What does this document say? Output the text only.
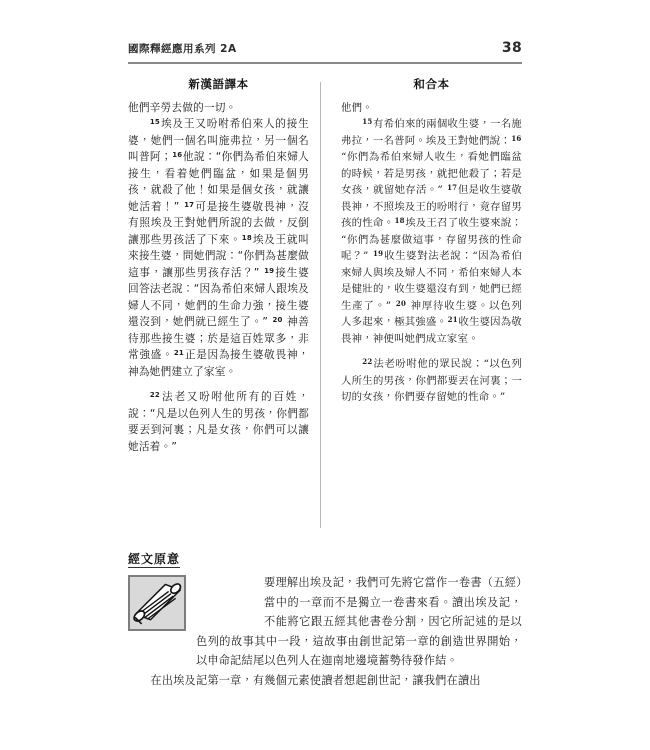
國際釋經應用系列 2A	38
新漢語譯本

他們辛勞去做的一切。

$^{15}$埃及王又吩咐希伯來人的接生婆，她們一個名叫施弗拉，另一個名叫普阿；$^{16}$他說：“你們為希伯來婦人接生，看着她們臨盆，如果是個男孩，就殺了他！如果是個女孩，就讓她活着！” $^{17}$可是接生婆敬畏神，沒有照埃及王對她們所說的去做，反倒讓那些男孩活了下來。$^{18}$埃及王就叫來接生婆，問她們說：“你們為甚麼做這事，讓那些男孩存活？” $^{19}$接生婆回答法老說：“因為希伯來婦人跟埃及婦人不同，她們的生命力強，接生婆還沒到，她們就已經生了。” $^{20}$ 神善待那些接生婆；於是這百姓眾多，非常強盛。$^{21}$正是因為接生婆敬畏神，神為她們建立了家室。

$^{22}$法老又吩咐他所有的百姓，說：“凡是以色列人生的男孩，你們都要丟到河裏；凡是女孩，你們可以讓她活着。”

和合本

他們。

$^{15}$有希伯來的兩個收生婆，一名施弗拉，一名普阿。埃及王對她們說：$^{16}$ “你們為希伯來婦人收生，看她們臨盆的時候，若是男孩，就把他殺了；若是女孩，就留她存活。” $^{17}$但是收生婆敬畏神，不照埃及王的吩咐行，竟存留男孩的性命。$^{18}$埃及王召了收生婆來說：“你們為甚麼做這事，存留男孩的性命呢？” $^{19}$收生婆對法老說：“因為希伯來婦人與埃及婦人不同，希伯來婦人本是健壯的，收生婆還沒有到，她們已經生產了。” $^{20}$ 神厚待收生婆。以色列人多起來，極其強盛。$^{21}$收生婆因為敬畏神，神便叫她們成立家室。

$^{22}$法老吩咐他的眾民說：“以色列人所生的男孩，你們都要丟在河裏；一切的女孩，你們要存留她的性命。”

經文原意

要理解出埃及記，我們可先將它當作一卷書（五經）當中的一章而不是獨立一卷書來看。讀出埃及記，不能將它跟五經其他書卷分割，因它所記述的是以色列的故事其中一段，這故事由創世記第一章的創造世界開始，以申命記結尾以色列人在迦南地邊境蓄勢待發作結。

在出埃及記第一章，有幾個元素使讀者想起創世記，讓我們在讀出
